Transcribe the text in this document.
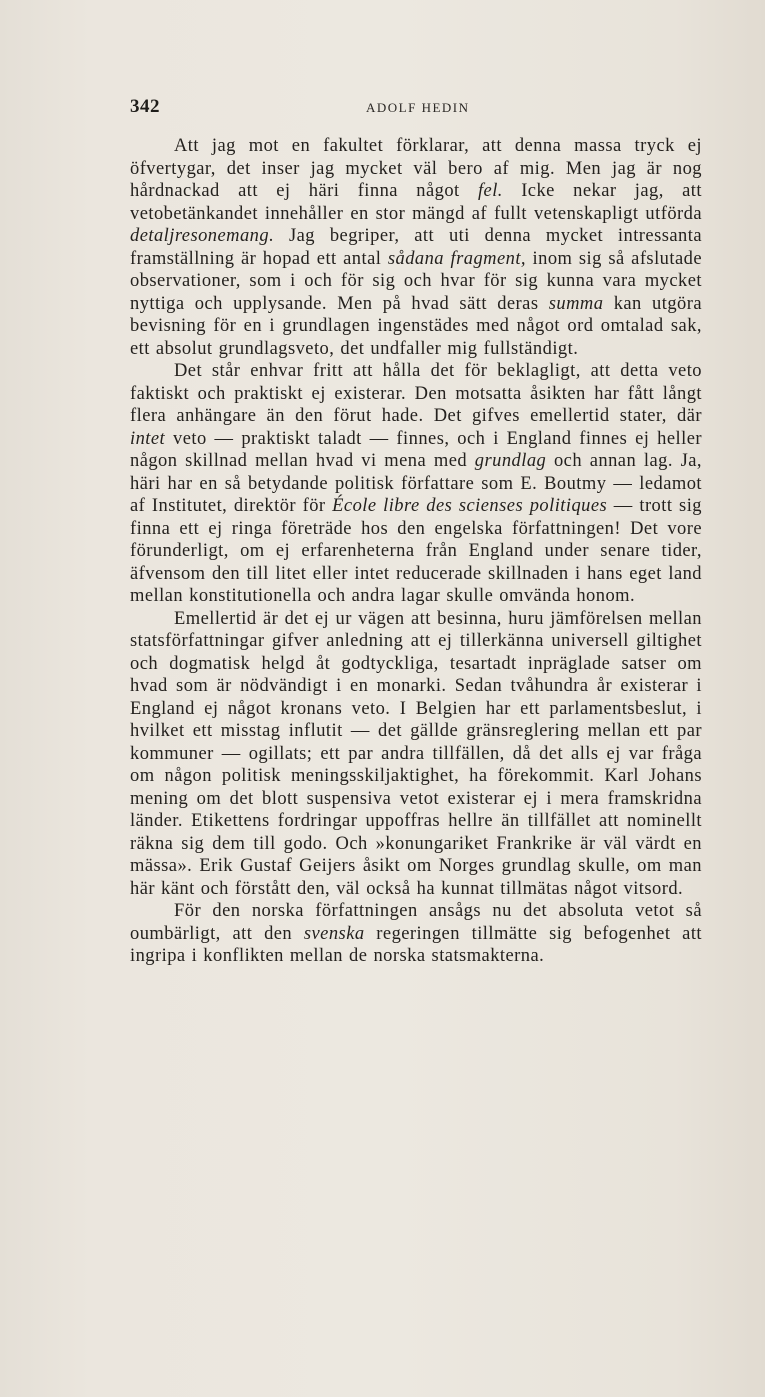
342	ADOLF HEDIN

Att jag mot en fakultet förklarar, att denna massa tryck ej öfvertygar, det inser jag mycket väl bero af mig. Men jag är nog hårdnackad att ej häri finna något fel. Icke nekar jag, att vetobetänkandet innehåller en stor mängd af fullt vetenskapligt utförda detaljresonemang. Jag begriper, att uti denna mycket intressanta framställning är hopad ett antal sådana fragment, inom sig så afslutade observationer, som i och för sig och hvar för sig kunna vara mycket nyttiga och upplysande. Men på hvad sätt deras summa kan utgöra bevisning för en i grundlagen ingenstädes med något ord omtalad sak, ett absolut grundlagsveto, det undfaller mig fullständigt.

Det står enhvar fritt att hålla det för beklagligt, att detta veto faktiskt och praktiskt ej existerar. Den motsatta åsikten har fått långt flera anhängare än den förut hade. Det gifves emellertid stater, där intet veto — praktiskt taladt — finnes, och i England finnes ej heller någon skillnad mellan hvad vi mena med grundlag och annan lag. Ja, häri har en så betydande politisk författare som E. Boutmy — ledamot af Institutet, direktör för École libre des scienses politiques — trott sig finna ett ej ringa företräde hos den engelska författningen! Det vore förunderligt, om ej erfarenheterna från England under senare tider, äfvensom den till litet eller intet reducerade skillnaden i hans eget land mellan konstitutionella och andra lagar skulle omvända honom.

Emellertid är det ej ur vägen att besinna, huru jämförelsen mellan statsförfattningar gifver anledning att ej tillerkänna universell giltighet och dogmatisk helgd åt godtyckliga, tesartadt inpräglade satser om hvad som är nödvändigt i en monarki. Sedan tvåhundra år existerar i England ej något kronans veto. I Belgien har ett parlamentsbeslut, i hvilket ett misstag influtit — det gällde gränsreglering mellan ett par kommuner — ogillats; ett par andra tillfällen, då det alls ej var fråga om någon politisk meningsskiljaktighet, ha förekommit. Karl Johans mening om det blott suspensiva vetot existerar ej i mera framskridna länder. Etikettens fordringar uppoffras hellre än tillfället att nominellt räkna sig dem till godo. Och »konungariket Frankrike är väl värdt en mässa». Erik Gustaf Geijers åsikt om Norges grundlag skulle, om man här känt och förstått den, väl också ha kunnat tillmätas något vitsord.

För den norska författningen ansågs nu det absoluta vetot så oumbärligt, att den svenska regeringen tillmätte sig befogenhet att ingripa i konflikten mellan de norska statsmakterna.
